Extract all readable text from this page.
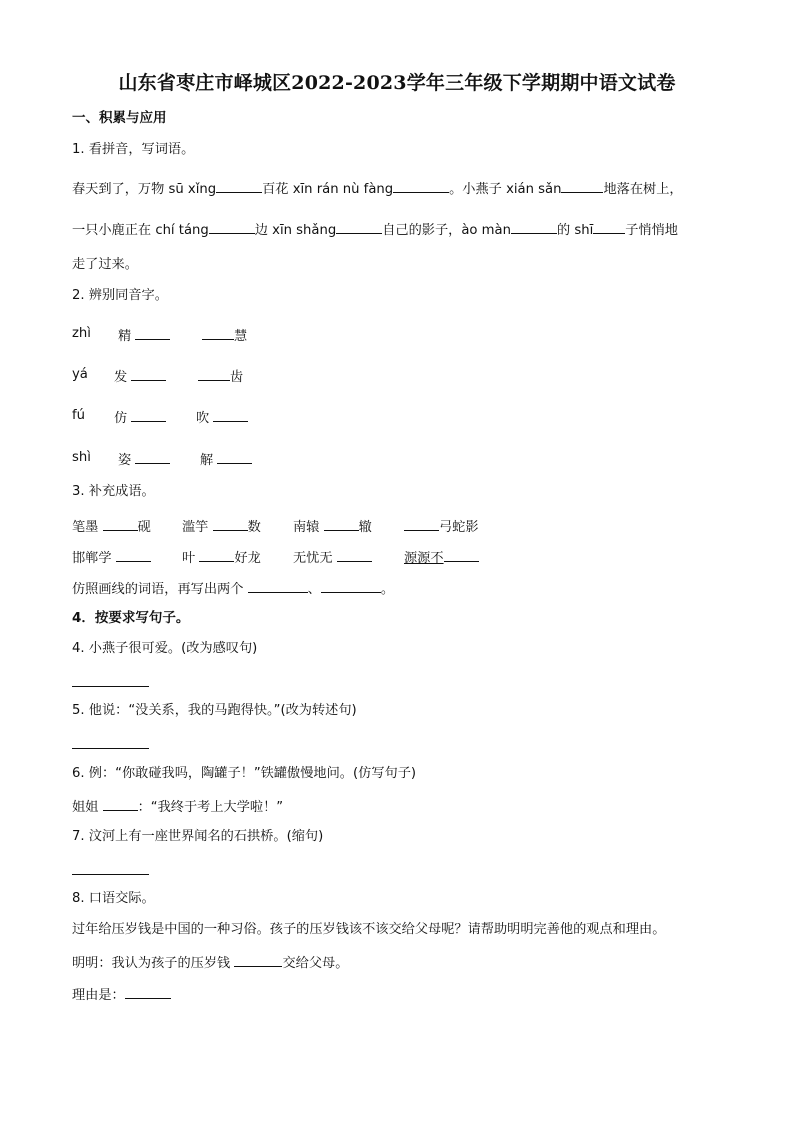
山东省枣庄市峄城区2022-2023学年三年级下学期期中语文试卷
一、积累与应用
1. 看拼音，写词语。
春天到了，万物 sū xǐng	百花 xīn rán nù fàng	。小燕子 xián sǎn	地落在树上，
一只小鹿正在 chí táng	边 xīn shǎng	自己的影子，ào màn	的 shī 子悄悄地
走了过来。
2. 辨别同音字。
zhì 精	慧
yá 发	齿
fú 仿	吹
shì 姿	解
3. 补充成语。
笔墨	砚 滥竽	数 南辕	辙	弓蛇影
邯郸学	叶	好龙 无忧无	源源不
仿照画线的词语，再写出两个	、	。
4．按要求写句子。
4. 小燕子很可爱。(改为感叹句)
5. 他说：“没关系，我的马跑得快。”(改为转述句)
6. 例：“你敢碰我吗，陶罐子！”铁罐傲慢地问。(仿写句子)
姐姐	：“我终于考上大学啦！”
7. 汶河上有一座世界闻名的石拱桥。(缩句)
8. 口语交际。
过年给压岁钱是中国的一种习俗。孩子的压岁钱该不该交给父母呢？请帮助明明完善他的观点和理由。
明明：我认为孩子的压岁钱	交给父母。
理由是：
